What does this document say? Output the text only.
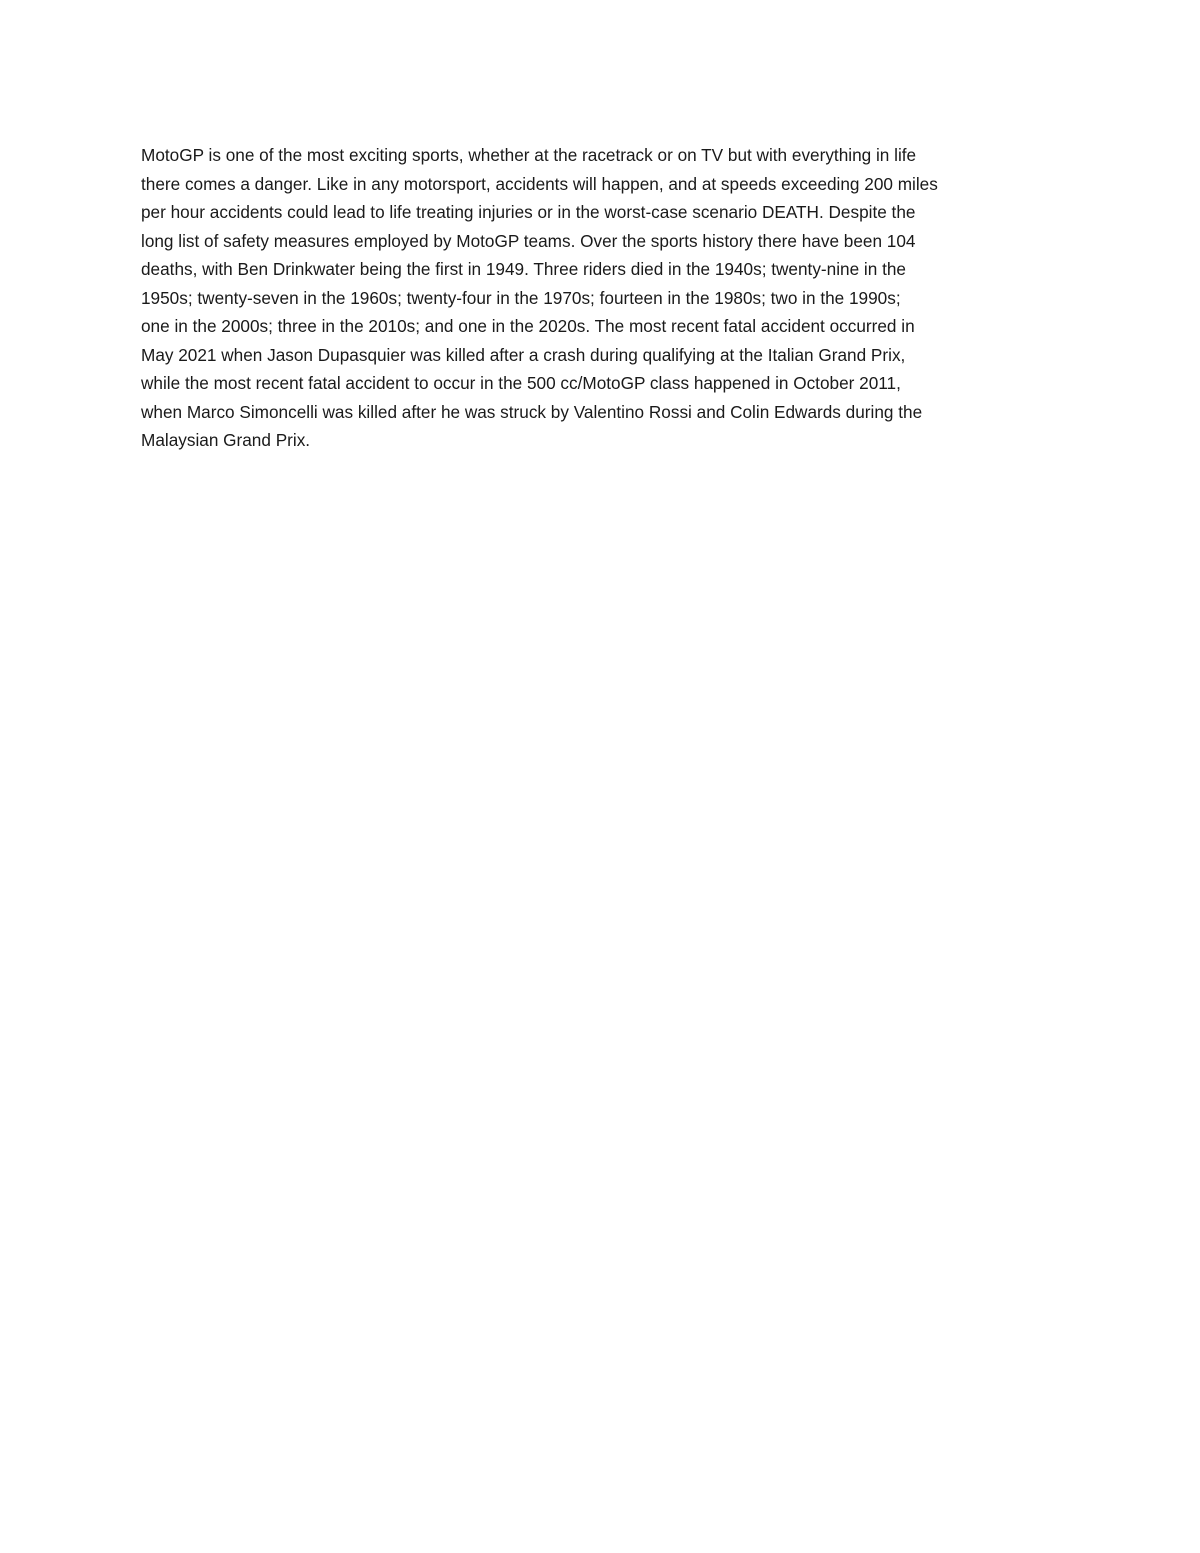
MotoGP is one of the most exciting sports, whether at the racetrack or on TV but with everything in life
there comes a danger. Like in any motorsport, accidents will happen, and at speeds exceeding 200 miles
per hour accidents could lead to life treating injuries or in the worst-case scenario DEATH. Despite the
long list of safety measures employed by MotoGP teams. Over the sports history there have been 104
deaths, with Ben Drinkwater being the first in 1949. Three riders died in the 1940s; twenty-nine in the
1950s; twenty-seven in the 1960s; twenty-four in the 1970s; fourteen in the 1980s; two in the 1990s;
one in the 2000s; three in the 2010s; and one in the 2020s. The most recent fatal accident occurred in
May 2021 when Jason Dupasquier was killed after a crash during qualifying at the Italian Grand Prix,
while the most recent fatal accident to occur in the 500 cc/MotoGP class happened in October 2011,
when Marco Simoncelli was killed after he was struck by Valentino Rossi and Colin Edwards during the
Malaysian Grand Prix.
